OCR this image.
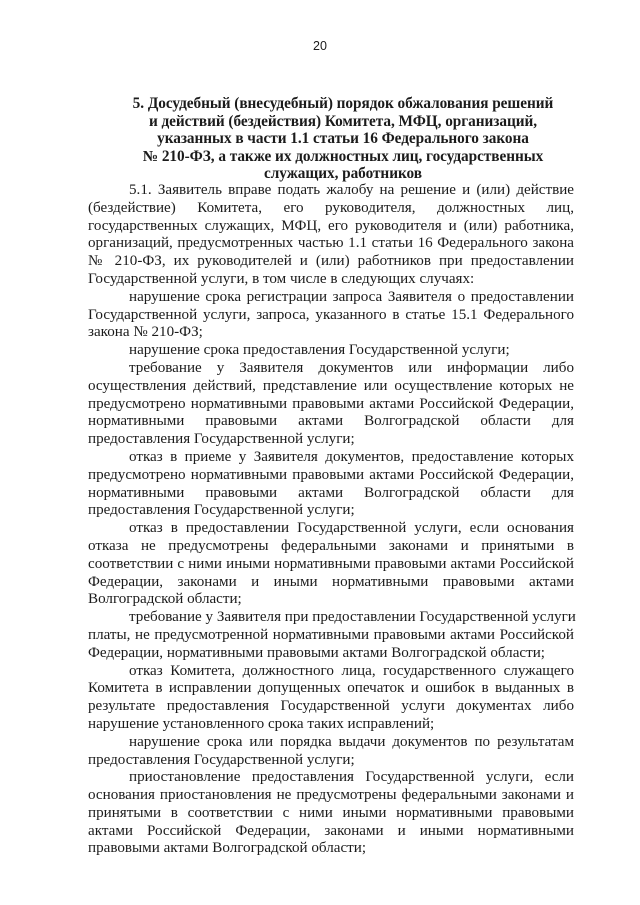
20
5. Досудебный (внесудебный) порядок обжалования решений
и действий (бездействия) Комитета, МФЦ, организаций,
указанных в части 1.1 статьи 16 Федерального закона
№ 210-ФЗ, а также их должностных лиц, государственных
служащих, работников

5.1. Заявитель вправе подать жалобу на решение и (или) действие
(бездействие) Комитета, его руководителя, должностных лиц,
государственных служащих, МФЦ, его руководителя и (или) работника,
организаций, предусмотренных частью 1.1 статьи 16 Федерального закона
№ 210-ФЗ, их руководителей и (или) работников при предоставлении
Государственной услуги, в том числе в следующих случаях:

нарушение срока регистрации запроса Заявителя о предоставлении
Государственной услуги, запроса, указанного в статье 15.1 Федерального
закона № 210-ФЗ;

нарушение срока предоставления Государственной услуги;

требование у Заявителя документов или информации либо
осуществления действий, представление или осуществление которых не
предусмотрено нормативными правовыми актами Российской Федерации,
нормативными правовыми актами Волгоградской области для
предоставления Государственной услуги;

отказ в приеме у Заявителя документов, предоставление которых
предусмотрено нормативными правовыми актами Российской Федерации,
нормативными правовыми актами Волгоградской области для
предоставления Государственной услуги;

отказ в предоставлении Государственной услуги, если основания
отказа не предусмотрены федеральными законами и принятыми в
соответствии с ними иными нормативными правовыми актами Российской
Федерации, законами и иными нормативными правовыми актами
Волгоградской области;

требование у Заявителя при предоставлении Государственной услуги
платы, не предусмотренной нормативными правовыми актами Российской
Федерации, нормативными правовыми актами Волгоградской области;

отказ Комитета, должностного лица, государственного служащего
Комитета в исправлении допущенных опечаток и ошибок в выданных в
результате предоставления Государственной услуги документах либо
нарушение установленного срока таких исправлений;

нарушение срока или порядка выдачи документов по результатам
предоставления Государственной услуги;

приостановление предоставления Государственной услуги, если
основания приостановления не предусмотрены федеральными законами и
принятыми в соответствии с ними иными нормативными правовыми
актами Российской Федерации, законами и иными нормативными
правовыми актами Волгоградской области;
